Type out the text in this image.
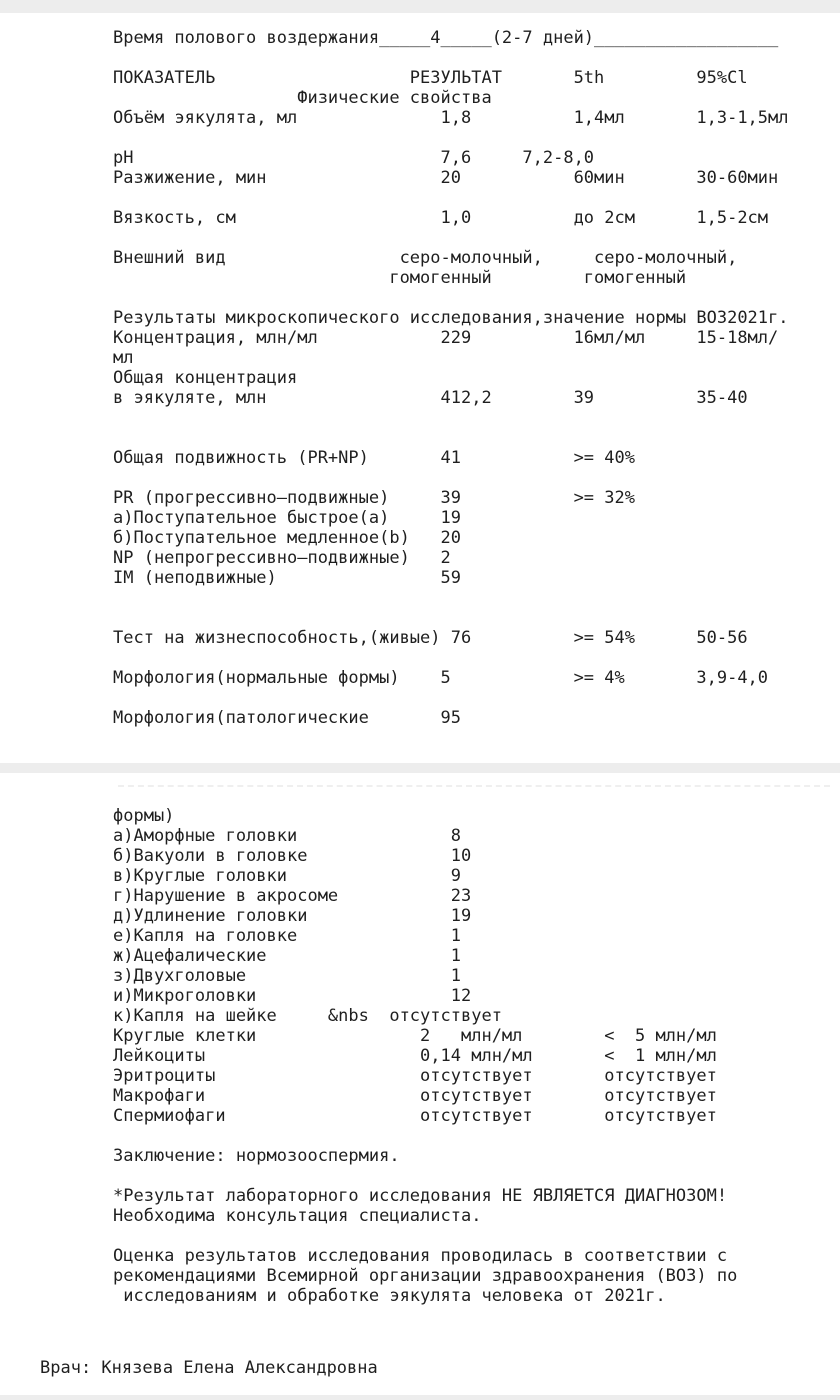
Время полового воздержания_____4_____(2-7 дней)__________________
ПОКАЗАТЕЛЬ                   РЕЗУЛЬТАТ       5th         95%Cl
Физические свойства
Объём эякулята, мл              1,8          1,4мл       1,3-1,5мл
pH                              7,6     7,2-8,0
Разжижение, мин                 20           60мин       30-60мин
Вязкость, см                    1,0          до 2см      1,5-2см
Внешний вид                 серо-молочный,     серо-молочный,
гомогенный         гомогенный
Результаты микроскопического исследования,значение нормы ВОЗ2021г.
Концентрация, млн/мл            229          16мл/мл     15-18мл/
мл
Общая концентрация
в эякуляте, млн                 412,2        39          35-40
Общая подвижность (PR+NP)       41           >= 40%
PR (прогрессивно–подвижные)     39           >= 32%
а)Поступательное быстрое(а)     19
б)Поступательное медленное(b)   20
NP (непрогрессивно–подвижные)   2
IM (неподвижные)                59
Тест на жизнеспособность,(живые) 76          >= 54%      50-56
Морфология(нормальные формы)    5            >= 4%       3,9-4,0
Морфология(патологические       95
формы)
а)Аморфные головки               8
б)Вакуоли в головке              10
в)Круглые головки                9
г)Нарушение в акросоме           23
д)Удлинение головки              19
е)Капля на головке               1
ж)Ацефалические                  1
з)Двухголовые                    1
и)Микроголовки                   12
к)Капля на шейке     &nbs  отсутствует
Круглые клетки                2   млн/мл        <  5 млн/мл
Лейкоциты                     0,14 млн/мл       <  1 млн/мл
Эритроциты                    отсутствует       отсутствует
Макрофаги                     отсутствует       отсутствует
Спермиофаги                   отсутствует       отсутствует
Заключение: нормозооспермия.
*Результат лабораторного исследования НЕ ЯВЛЯЕТСЯ ДИАГНОЗОМ!
Необходима консультация специалиста.
Оценка результатов исследования проводилась в соответствии с
рекомендациями Всемирной организации здравоохранения (ВОЗ) по
исследованиям и обработке эякулята человека от 2021г.
Врач: Князева Елена Александровна
